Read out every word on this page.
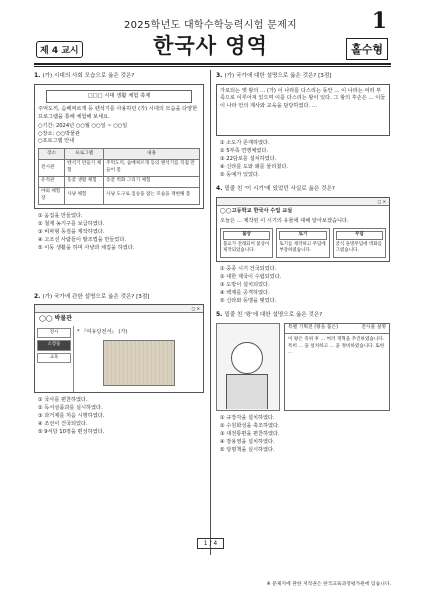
2025학년도 대학수학능력시험 문제지	1
한국사 영역
제 4 교시	홀수형
1. (가) 시대의 사회 모습으로 옳은 것은?
□□□ 시대 생활 체험 축제
주먹도끼, 슴베찌르개 등 뗀석기를 사용하던 (가) 시대의 모습을 다양한 프로그램을 통해 체험해 보세요.
○기간: 2024년 ○○월 ○○일 ~ ○○일
○장소: ○○박물관
○프로그램 안내
장소	프로그램	내용
전시관	뗀석기 만들기 체험	주먹도끼, 슴베찌르개 등의 뗀석기를 직접 만들어 봄
유적관	동굴 생활 체험	동굴 벽화 그리기 체험
야외 체험장	사냥 체험	사냥 도구로 짐승을 잡는 모습을 재현해 봄
① 움집을 만들었다.
② 철제 농기구를 보급하였다.
③ 비파형 동검을 제작하였다.
④ 고조선 사람들이 팔조법을 만들었다.
⑤ 이동 생활을 하며 사냥과 채집을 하였다.
2. (가) 국가에 관한 설명으로 옳은 것은? [3점]
□ ✕
◯◯ 박물관
전시
소장품
교육
* 『여유당전서』 (가)
① 국사를 편찬하였다.
② 독서삼품과를 실시하였다.
③ 과거제를 처음 시행하였다.
④ 조선이 건국되었다.
⑤ 9서당 10정을 편성하였다.
3. (가) 국가에 대한 설명으로 옳은 것은? [3점]
가로되는 옛 왕의 … (가) 이 나라를 다스리는 동안 … 이 나라는 여러 부족으로 이루어져 있으며 이를 다스리는 왕이 있다. 그 왕의 후손은 … 이들이 나라 안의 제사와 교육을 담당하였다. …
① 소도가 존재하였다.
② 5부족 연맹체였다.
③ 22담로를 설치하였다.
④ 신라를 도와 왜를 물리쳤다.
⑤ 동예가 있었다.
4. 밑줄 친 '이 시기'에 있었던 사실로 옳은 것은?
□ ✕
◯◯고등학교 한국사 수업 교실
오늘은 … 제작된 이 시기의 유물에 대해 알아보겠습니다.
불상
불교가 전래되어 불상이 제작되었습니다.
토기
토기를 제작하고 무덤에 부장하였습니다.
무덤
굴식 돌방무덤에 벽화를 그렸습니다.
① 중종 시기 건국되었다.
② 대한 제국이 수립되었다.
③ 도방이 설치되었다.
④ 백제를 공격하였다.
⑤ 신라와 동맹을 맺었다.
5. 밑줄 친 '왕'에 대한 설명으로 옳은 것은?
특별 기획전 (왕을 품은)	전시물 설명
이 왕은 즉위 후 … 여러 개혁을 추진하였습니다. 특히 … 을 설치하고 … 을 정비하였습니다. 또한 …
① 규장각을 설치하였다.
② 수원화성을 축조하였다.
③ 대전통편을 편찬하였다.
④ 장용영을 설치하였다.
⑤ 탕평책을 실시하였다.
1 / 4
※ 문제지에 관한 저작권은 한국교육과정평가원에 있습니다.
